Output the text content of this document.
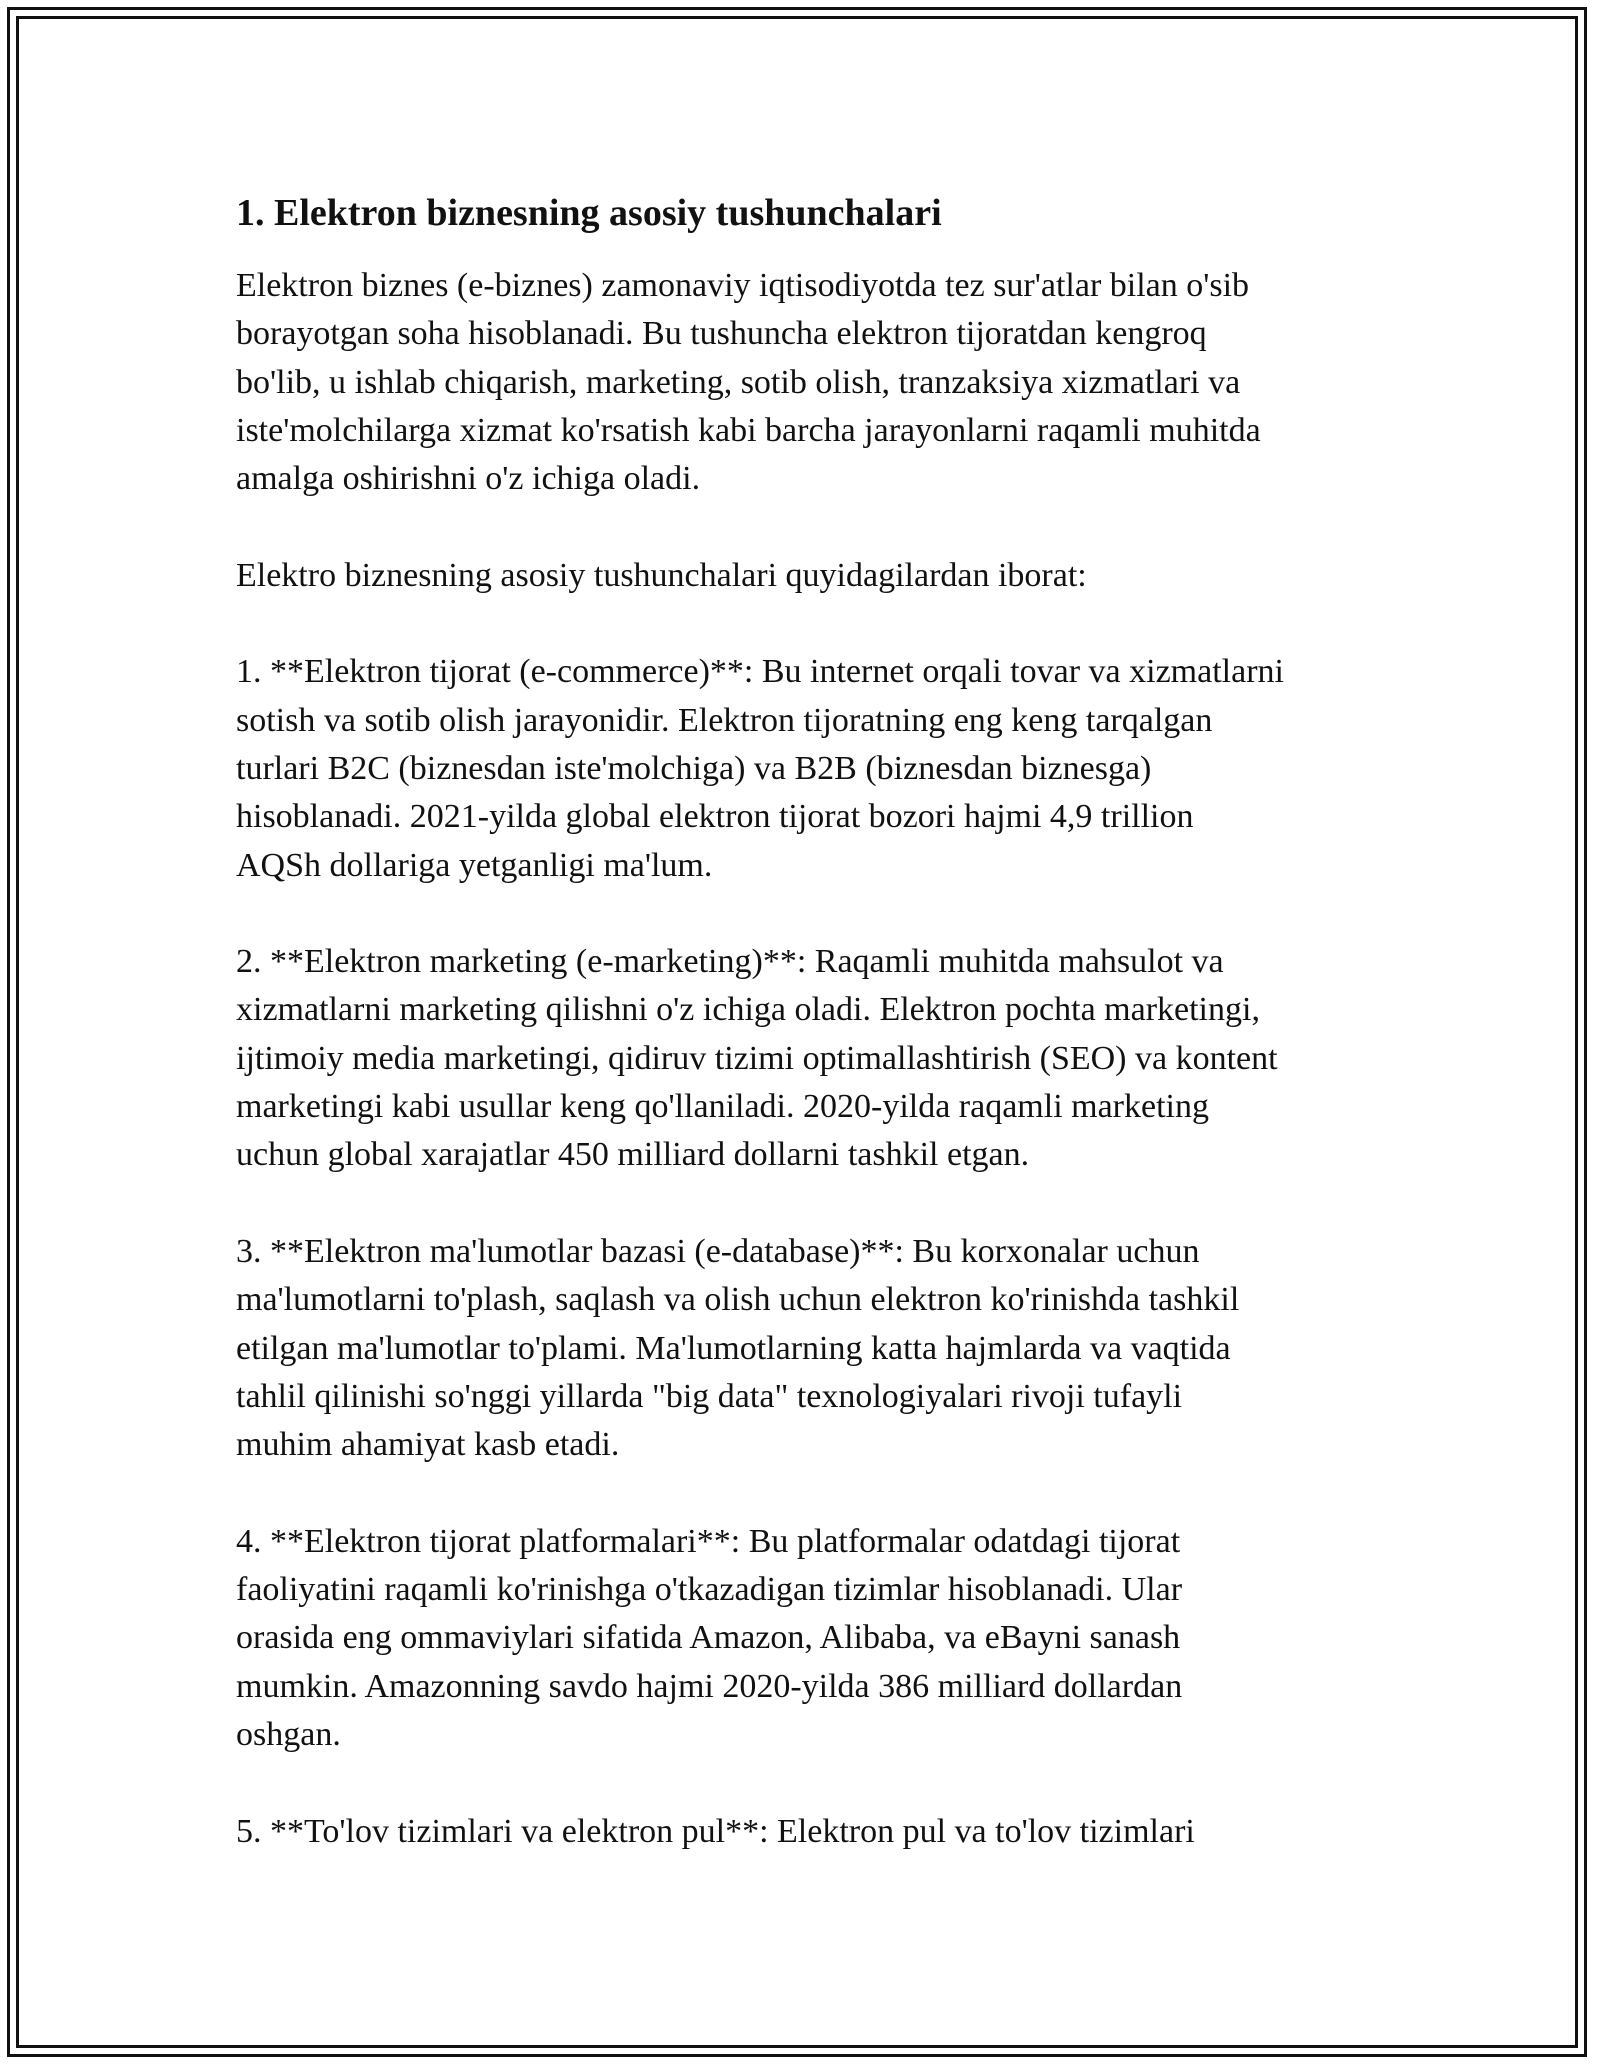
1. Elektron biznesning asosiy tushunchalari
Elektron biznes (e-biznes) zamonaviy iqtisodiyotda tez sur'atlar bilan o'sib
borayotgan soha hisoblanadi. Bu tushuncha elektron tijoratdan kengroq
bo'lib, u ishlab chiqarish, marketing, sotib olish, tranzaksiya xizmatlari va
iste'molchilarga xizmat ko'rsatish kabi barcha jarayonlarni raqamli muhitda
amalga oshirishni o'z ichiga oladi.
Elektro biznesning asosiy tushunchalari quyidagilardan iborat:
1. **Elektron tijorat (e-commerce)**: Bu internet orqali tovar va xizmatlarni
sotish va sotib olish jarayonidir. Elektron tijoratning eng keng tarqalgan
turlari B2C (biznesdan iste'molchiga) va B2B (biznesdan biznesga)
hisoblanadi. 2021-yilda global elektron tijorat bozori hajmi 4,9 trillion
AQSh dollariga yetganligi ma'lum.
2. **Elektron marketing (e-marketing)**: Raqamli muhitda mahsulot va
xizmatlarni marketing qilishni o'z ichiga oladi. Elektron pochta marketingi,
ijtimoiy media marketingi, qidiruv tizimi optimallashtirish (SEO) va kontent
marketingi kabi usullar keng qo'llaniladi. 2020-yilda raqamli marketing
uchun global xarajatlar 450 milliard dollarni tashkil etgan.
3. **Elektron ma'lumotlar bazasi (e-database)**: Bu korxonalar uchun
ma'lumotlarni to'plash, saqlash va olish uchun elektron ko'rinishda tashkil
etilgan ma'lumotlar to'plami. Ma'lumotlarning katta hajmlarda va vaqtida
tahlil qilinishi so'nggi yillarda "big data" texnologiyalari rivoji tufayli
muhim ahamiyat kasb etadi.
4. **Elektron tijorat platformalari**: Bu platformalar odatdagi tijorat
faoliyatini raqamli ko'rinishga o'tkazadigan tizimlar hisoblanadi. Ular
orasida eng ommaviylari sifatida Amazon, Alibaba, va eBayni sanash
mumkin. Amazonning savdo hajmi 2020-yilda 386 milliard dollardan
oshgan.
5. **To'lov tizimlari va elektron pul**: Elektron pul va to'lov tizimlari
